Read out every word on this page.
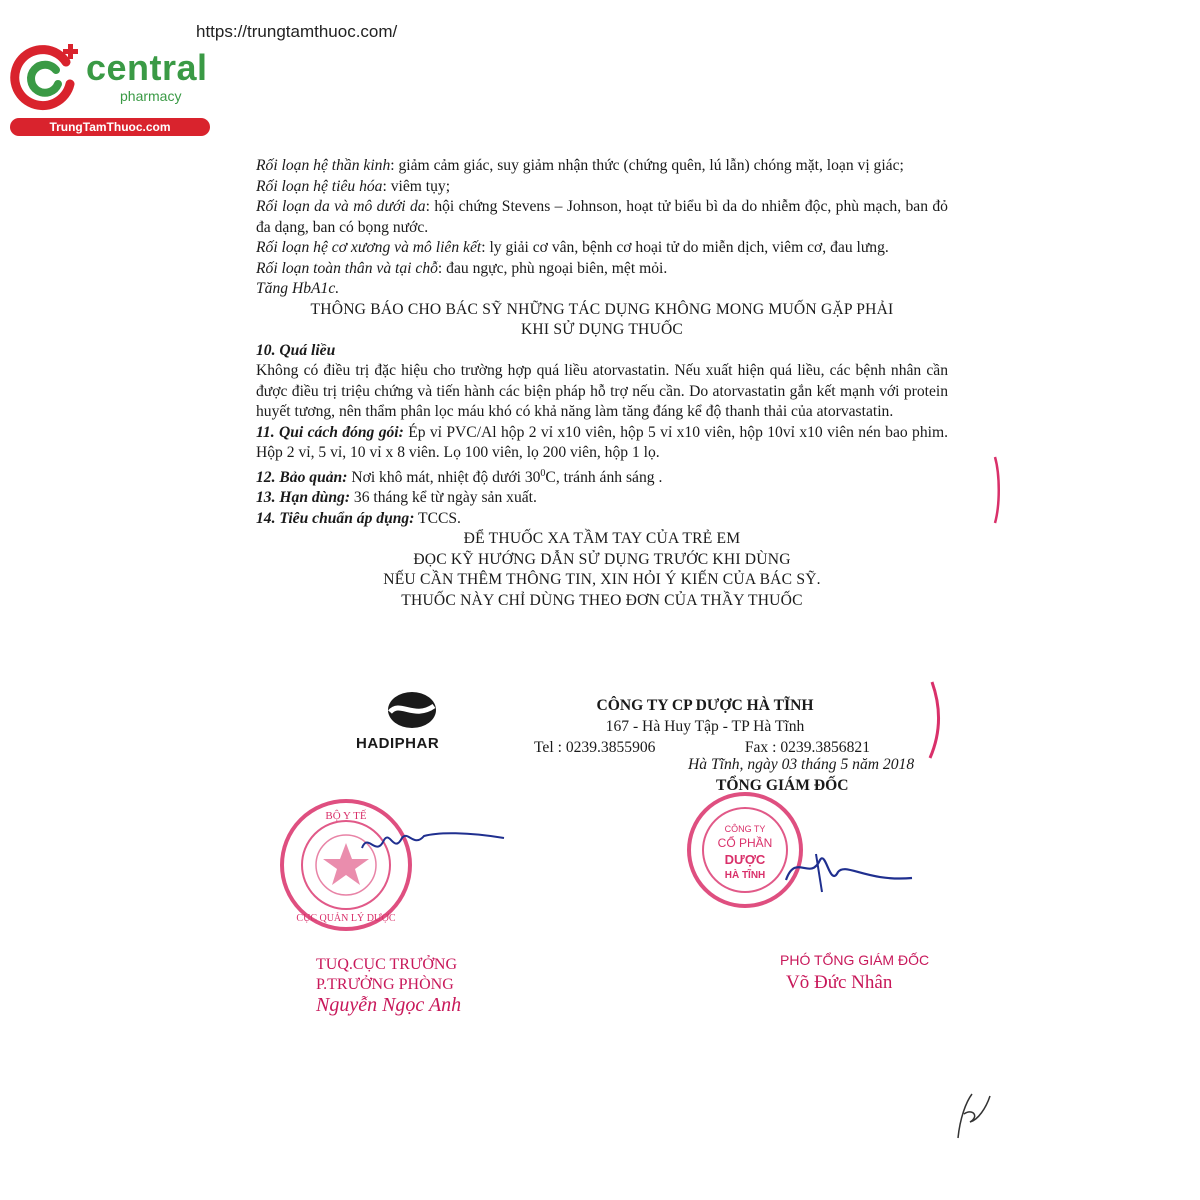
https://trungtamthuoc.com/
central
pharmacy
TrungTamThuoc.com

Rối loạn hệ thần kinh: giảm cảm giác, suy giảm nhận thức (chứng quên, lú lẫn) chóng mặt, loạn vị giác;

Rối loạn hệ tiêu hóa: viêm tụy;

Rối loạn da và mô dưới da: hội chứng Stevens – Johnson, hoạt tử biểu bì da do nhiễm độc, phù mạch, ban đỏ đa dạng, ban có bọng nước.

Rối loạn hệ cơ xương và mô liên kết: ly giải cơ vân, bệnh cơ hoại tử do miễn dịch, viêm cơ, đau lưng.

Rối loạn toàn thân và tại chỗ: đau ngực, phù ngoại biên, mệt mỏi.

Tăng HbA1c.

THÔNG BÁO CHO BÁC SỸ NHỮNG TÁC DỤNG KHÔNG MONG MUỐN GẶP PHẢI

KHI SỬ DỤNG THUỐC

10. Quá liều

Không có điều trị đặc hiệu cho trường hợp quá liều atorvastatin. Nếu xuất hiện quá liều, các bệnh nhân cần được điều trị triệu chứng và tiến hành các biện pháp hỗ trợ nếu cần. Do atorvastatin gắn kết mạnh với protein huyết tương, nên thẩm phân lọc máu khó có khả năng làm tăng đáng kể độ thanh thải của atorvastatin.

11. Qui cách đóng gói: Ép vỉ PVC/Al hộp 2 vỉ x10 viên, hộp 5 vỉ x10 viên, hộp 10vỉ x10 viên nén bao phim. Hộp 2 vỉ, 5 vỉ, 10 vỉ x 8 viên. Lọ 100 viên, lọ 200 viên, hộp 1 lọ.

12. Bảo quản: Nơi khô mát, nhiệt độ dưới $30^0C$, tránh ánh sáng .

13. Hạn dùng: 36 tháng kể từ ngày sản xuất.

14. Tiêu chuẩn áp dụng: TCCS.

ĐỂ THUỐC XA TẦM TAY CỦA TRẺ EM

ĐỌC KỸ HƯỚNG DẪN SỬ DỤNG TRƯỚC KHI DÙNG

NẾU CẦN THÊM THÔNG TIN, XIN HỎI Ý KIẾN CỦA BÁC SỸ.

THUỐC NÀY CHỈ DÙNG THEO ĐƠN CỦA THẦY THUỐC

HADIPHAR
CÔNG TY CP DƯỢC HÀ TĨNH
167 - Hà Huy Tập - TP Hà Tĩnh
Tel : 0239.3855906	Fax : 0239.3856821
Hà Tĩnh, ngày 03 tháng 5 năm 2018
TỔNG GIÁM ĐỐC
BỘ Y TẾ
CỤC QUẢN LÝ DƯỢC
TUQ.CỤC TRƯỞNG
P.TRƯỞNG PHÒNG
Nguyễn Ngọc Anh
CÔNG TY
CỔ PHẦN
DƯỢC
HÀ TĨNH
PHÓ TỔNG GIÁM ĐỐC
Võ Đức Nhân
